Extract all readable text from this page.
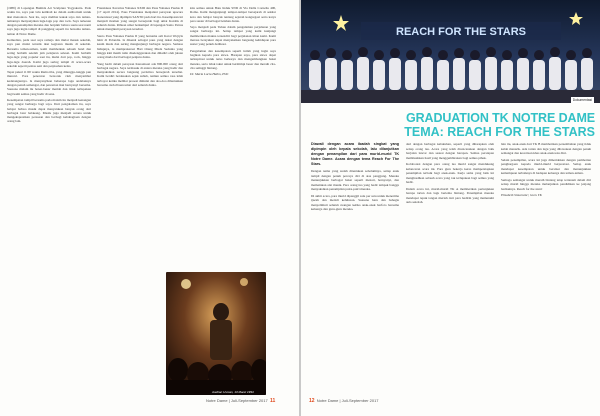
(1989) di Lapangan Bumida Art Sculpture Yogyakarta. Pada waktu itu, saya pun lalu kembali ke dalam auditorium untuk ikut menonton. Saat itu, saya melihat kakak saya dan teman-temannya menyanyikan lagu-lagu pop dan rock. Saya terkesan dengan penampilan mereka dan berpikir bahwa suatu saat nanti saya juga ingin tampil di panggung seperti itu bersama teman-teman di Notre Dame.

Kemudian, pada saat saya remaja dan mulai masuk sekolah, saya pun mulai tertarik ikut kegiatan musik di sekolah. Bersama teman-teman, kami membentuk sebuah band dan sering berlatih setelah jam pelajaran selesai. Kami berlatih lagu-lagu yang populer saat itu, mulai dari pop, rock, hingga lagu-lagu daerah. Kami juga sering tampil di acara-acara sekolah seperti pentas seni dan perpisahan kelas.

Tepat pukul 11:00 waktu Rama tiba, yang ditunggu-tunggu pun muncul. Para penonton bersorak riuh menyambut kedatangannya. Ia menyanyikan beberapa lagu andalannya dengan penuh semangat, dan penonton ikut bernyanyi bersama. Suasana malam itu benar-benar meriah dan tidak terlupakan bagi kami semua yang hadir di sana.

Kesempatan tampil bersama pada malam itu menjadi kenangan yang sangat berharga bagi saya. Dari pengalaman itu, saya belajar bahwa musik dapat menyatukan banyak orang dari berbagai latar belakang. Musik juga menjadi sarana untuk mengekspresikan perasaan dan berbagi kebahagiaan dengan orang lain.

Fransiskus Xaverius Yohanes XXIII dan Paus Yohanes Paulus II (17 April 2014). Paus Fransiskus menjalani perayaan upacara Kanonisasi yang dipimpin SANTO pada hari itu. Kesempatan ini menjadi momen yang sangat bersejarah bagi umat Katolik di seluruh dunia. Ribuan umat berkumpul di lapangan Santo Petrus untuk mengikuti perayaan tersebut.

Santo Paus Yohanes Paulus II yang bernama asli Karol Wojtyla lahir di Polandia. Ia dikenal sebagai paus yang dekat dengan kaum muda dan sering mengunjungi berbagai negara. Semasa hidupnya, ia memprakarsai Hari Orang Muda Sedunia yang hingga kini masih rutin diselenggarakan dan dihadiri oleh jutaan orang muda dari berbagai penjuru dunia.

Yang hadir dalam perayaan Kanonisasi ada 800.000 orang dari berbagai negara. Saya termasuk di antara mereka yang hadir dan menyaksikan secara langsung peristiwa bersejarah tersebut. Kami berdiri berdesakan sejak subuh, namun semua rasa lelah terbayar ketika melihat prosesi dimulai dan doa-doa dilantunkan bersama oleh ribuan umat dari seluruh dunia.

kita semua untuk Batu Induk SND di Via Della Cornelia 400, Roma. Kami mengunjungi tempat-tempat bersejarah di sekitar kota dan belajar banyak tentang sejarah kongregasi serta karya para suster di berbagai belahan dunia.

Saya menjadi pada Tuhan dalam pengalaman perjalanan yang sangat berharga ini. Setiap tempat yang kami kunjungi memberikan makna tersendiri bagi perjalanan iman kami. Kami merasa bersyukur dapat menyaksikan langsung kehidupan para suster yang penuh dedikasi.

Pengalaman dan kesempatan seperti inilah yang ingin saya bagikan kepada para siswa. Harapan saya, para siswa dapat terinspirasi untuk terus berkarya dan mengembangkan bakat mereka, serta tidak takut untuk bermimpi besar dan meraih cita-cita setinggi bintang.

Dr. Maria Lucia Halim, PhD

Audrian Usman, 13 Maret 1994
Notre Dame | Juli-September 2017 11
REACH FOR THE STARS
Dokumentasi
GRADUATION TK NOTRE DAME
TEMA: REACH FOR THE STARS

Diawali dengan acara ibadah singkat yang dipimpin oleh kepala sekolah, lalu dilanjutkan dengan penampilan dari para murid-murid TK Notre Dame. Acara dengan tema Reach For The Stars.

Dengan nama yang sudah ditentukan sebelumnya, setiap anak tampil dengan penuh percaya diri di atas panggung. Mereka menunjukkan berbagai bakat seperti menari, bernyanyi, dan memainkan alat musik. Para orang tua yang hadir tampak bangga menyaksikan penampilan putra-putri mereka.

Di akhir acara, para murid dipanggil satu per satu untuk menerima ijazah dan medali kelulusan. Suasana haru dan bahagia menyelimuti seluruh ruangan ketika anak-anak berfoto bersama keluarga dan guru-guru mereka.

dari dengan berbagai kebutuhan, seperti yang diharapkan oleh setiap orang tua. Acara yang telah direncanakan dengan baik berjalan lancar dan sesuai dengan harapan. Semua persiapan membuahkan hasil yang menggembirakan bagi semua pihak.

Kolaborasi dengan para orang tua murid sangat mendukung kelancaran acara ini. Para guru bekerja keras mempersiapkan penampilan terbaik bagi anak-anak. Kerja sama yang baik ini menghasilkan sebuah acara yang tak terlupakan bagi semua yang hadir.

Dalam acara ini, murid-murid TK A memberikan pertunjukan berupa tarian dan lagu bertema bintang. Penampilan mereka mendapat tepuk tangan meriah dari para hadirin yang memenuhi aula sekolah.

lain itu, anak-anak dari TK B memberikan persembahan yang tidak kalah menarik. Ada tarian dan lagu yang dibawakan dengan penuh semangat dan keceriaan khas anak-anak usia dini.

Selain penampilan, acara ini juga dimeriahkan dengan pemberian penghargaan kepada murid-murid berprestasi. Setiap anak mendapat kesempatan untuk bersinar dan menunjukkan kemampuan terbaiknya di hadapan keluarga dan teman-teman.

Semoga semangat untuk meraih bintang tetap tertanam dalam diri setiap murid hingga mereka melanjutkan pendidikan ke jenjang berikutnya. Reach for the stars!

Elisabeth Simarsoki | Guru TK

12 Notre Dame | Juli-September 2017
